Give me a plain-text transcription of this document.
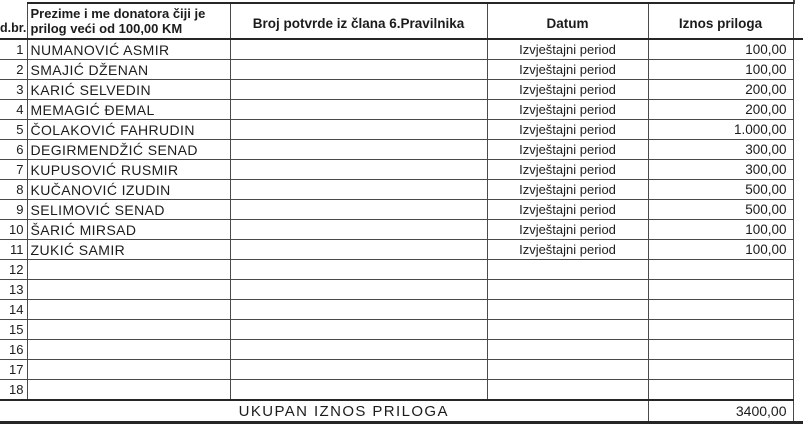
d.br.	Prezime i me donatora čiji je
prilog veći od 100,00 KM	Broj potvrde iz člana 6.Pravilnika	Datum	Iznos priloga	
1	NUMANOVIĆ ASMIR		Izvještajni period	100,00	
2	SMAJIĆ DŽENAN		Izvještajni period	100,00	
3	KARIĆ SELVEDIN		Izvještajni period	200,00	
4	MEMAGIĆ ĐEMAL		Izvještajni period	200,00	
5	ČOLAKOVIĆ FAHRUDIN		Izvještajni period	1.000,00	
6	DEGIRMENDŽIĆ SENAD		Izvještajni period	300,00	
7	KUPUSOVIĆ RUSMIR		Izvještajni period	300,00	
8	KUČANOVIĆ IZUDIN		Izvještajni period	500,00	
9	SELIMOVIĆ SENAD		Izvještajni period	500,00	
10	ŠARIĆ MIRSAD		Izvještajni period	100,00	
11	ZUKIĆ SAMIR		Izvještajni period	100,00	
12					
13					
14					
15					
16					
17					
18					
UKUPAN IZNOS PRILOGA				3400,00	
